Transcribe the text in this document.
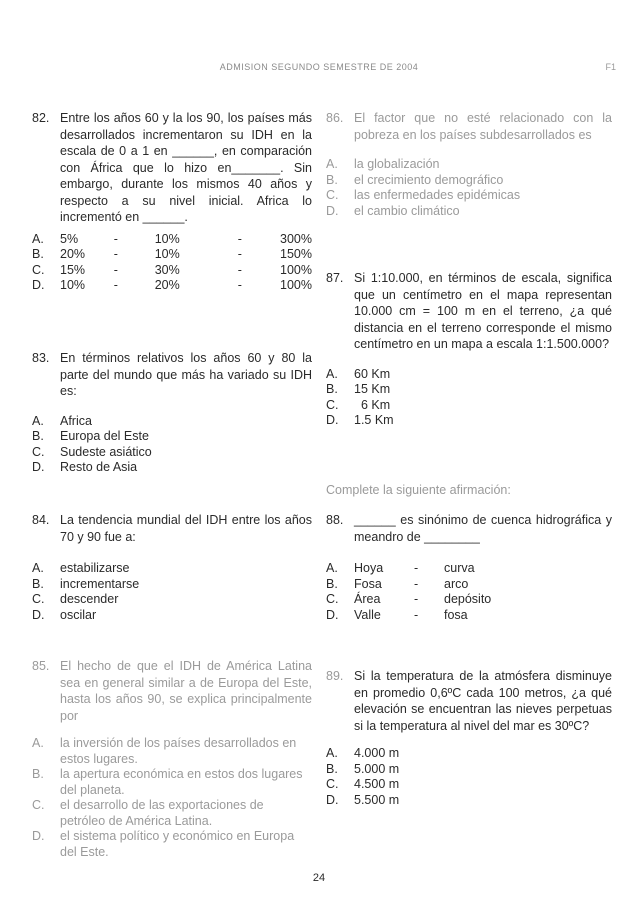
ADMISION SEGUNDO SEMESTRE DE 2004	F1
82. Entre los años 60 y la los 90, los países más desarrollados incrementaron su IDH en la escala de 0 a 1 en ______, en comparación con África que lo hizo en_______. Sin embargo, durante los mismos 40 años y respecto a su nivel inicial. Africa lo incrementó en ______.
A.	5%	-	10%	-	300%
B.	20%	-	10%	-	150%
C.	15%	-	30%	-	100%
D.	10%	-	20%	-	100%
83. En términos relativos los años 60 y 80 la parte del mundo que más ha variado su IDH es:
A.	Africa
B.	Europa del Este
C.	Sudeste asiático
D.	Resto de Asia
84. La tendencia mundial del IDH entre los años 70 y 90 fue a:
A.	estabilizarse
B.	incrementarse
C.	descender
D.	oscilar
85. El hecho de que el IDH de América Latina sea en general similar a de Europa del Este, hasta los años 90, se explica principalmente por
A.	la inversión de los países desarrollados en estos lugares.
B.	la apertura económica en estos dos lugares del planeta.
C.	el desarrollo de las exportaciones de petróleo de América Latina.
D.	el sistema político y económico en Europa del Este.
86. El factor que no esté relacionado con la pobreza en los países subdesarrollados es
A.	la globalización
B.	el crecimiento demográfico
C.	las enfermedades epidémicas
D.	el cambio climático
87. Si 1:10.000, en términos de escala, significa que un centímetro en el mapa representan 10.000 cm = 100 m en el terreno, ¿a qué distancia en el terreno corresponde el mismo centímetro en un mapa a escala 1:1.500.000?
A.	60 Km
B.	15 Km
C.	6 Km
D.	1.5 Km
Complete la siguiente afirmación:
88. ______ es sinónimo de cuenca hidrográfica y meandro de ________
A.	Hoya	-	curva
B.	Fosa	-	arco
C.	Área	-	depósito
D.	Valle	-	fosa
89. Si la temperatura de la atmósfera disminuye en promedio 0,6ºC cada 100 metros, ¿a qué elevación se encuentran las nieves perpetuas si la temperatura al nivel del mar es 30ºC?
A.	4.000 m
B.	5.000 m
C.	4.500 m
D.	5.500 m
24
